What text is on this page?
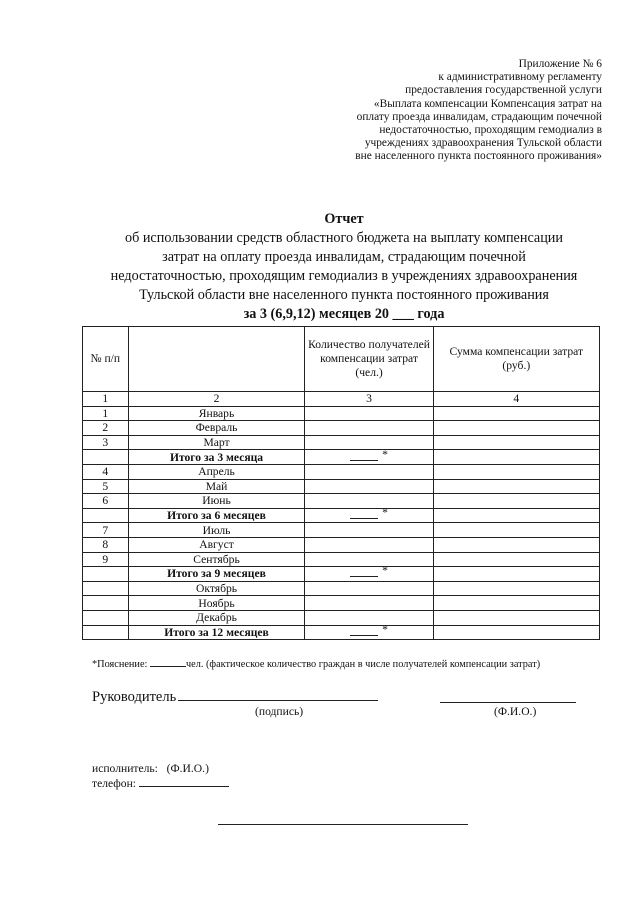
Приложение № 6
к административному регламенту
предоставления государственной услуги
«Выплата компенсации Компенсация затрат на
оплату проезда инвалидам, страдающим почечной
недостаточностью, проходящим гемодиализ в
учреждениях здравоохранения Тульской области
вне населенного пункта постоянного проживания»
Отчет
об использовании средств областного бюджета на выплату компенсации
затрат на оплату проезда инвалидам, страдающим почечной
недостаточностью, проходящим гемодиализ в учреждениях здравоохранения
Тульской области вне населенного пункта постоянного проживания
за 3 (6,9,12) месяцев 20 ___ года
№ п/п		Количество получателей компенсации затрат (чел.)	Сумма компенсации затрат (руб.)
1	2	3	4
1	Январь		
2	Февраль		
3	Март		
	Итого за 3 месяца	*	
4	Апрель		
5	Май		
6	Июнь		
	Итого за 6 месяцев	*	
7	Июль		
8	Август		
9	Сентябрь		
	Итого за 9 месяцев	*	
	Октябрь		
	Ноябрь		
	Декабрь		
	Итого за 12 месяцев	*	
*Пояснение:	чел. (фактическое количество граждан в числе получателей компенсации затрат)
Руководитель
(подпись)	(Ф.И.О.)
исполнитель: (Ф.И.О.)
телефон:
